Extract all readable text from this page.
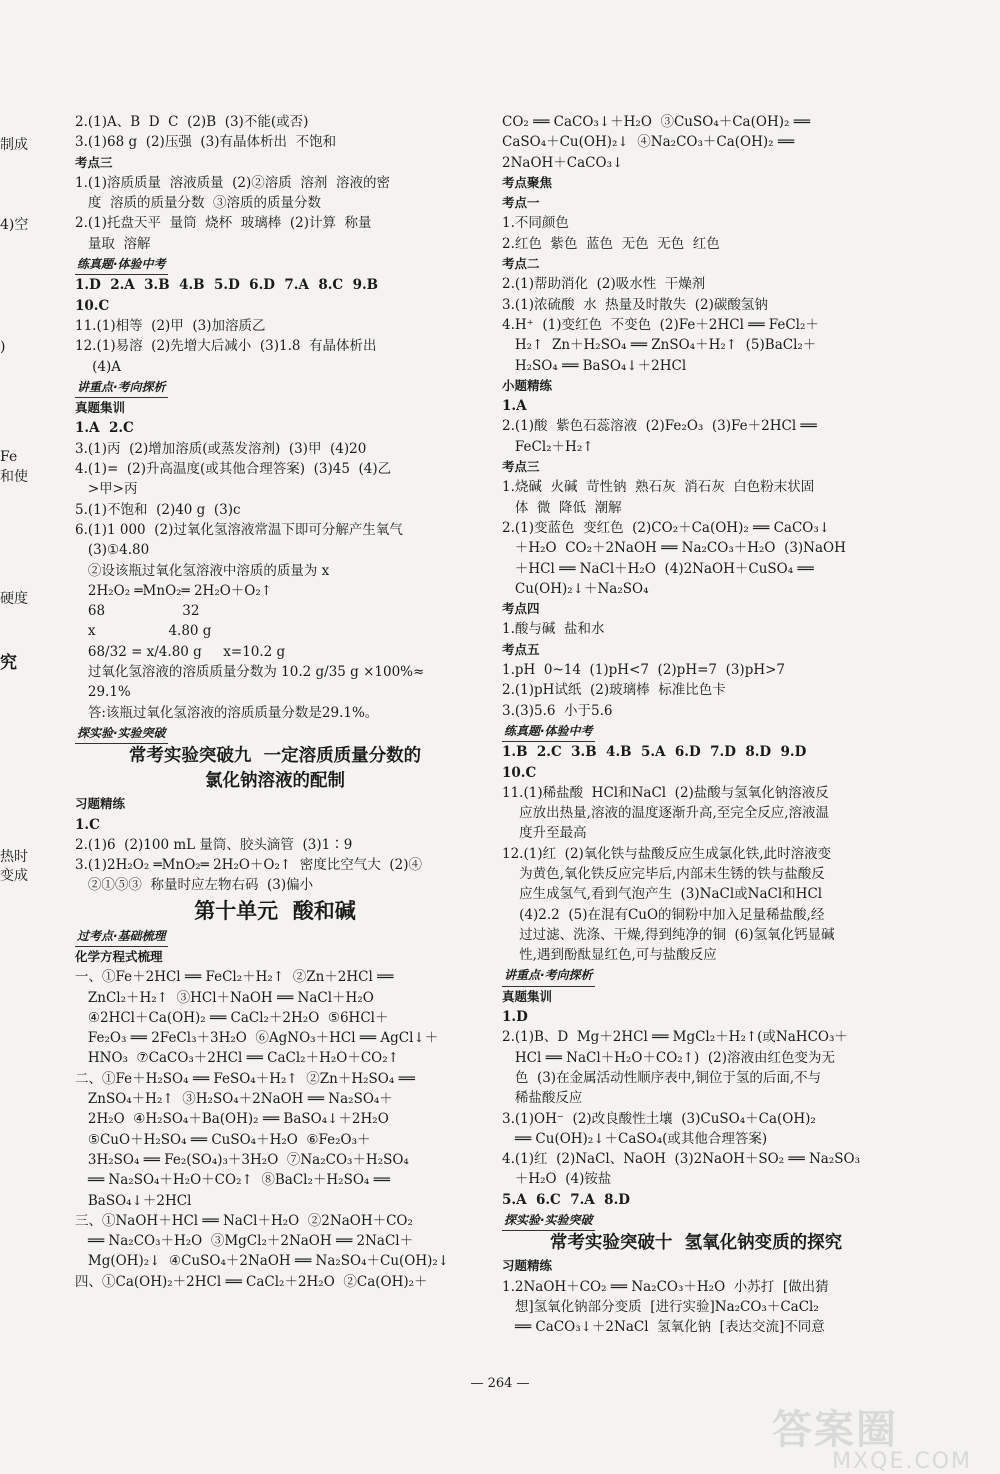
制成
4)空
)
Fe
和使
硬度
究
热时
变成
2.(1)A、B  D  C  (2)B  (3)不能(或否)
3.(1)68 g  (2)压强  (3)有晶体析出  不饱和
考点三
1.(1)溶质质量  溶液质量  (2)②溶质  溶剂  溶液的密
度  溶质的质量分数  ③溶质的质量分数
2.(1)托盘天平  量筒  烧杯  玻璃棒  (2)计算  称量
量取  溶解
练真题·体验中考
1.D  2.A  3.B  4.B  5.D  6.D  7.A  8.C  9.B
10.C
11.(1)相等  (2)甲  (3)加溶质乙
12.(1)易溶  (2)先增大后减小  (3)1.8  有晶体析出
(4)A
讲重点·考向探析
真题集训
1.A  2.C
3.(1)丙  (2)增加溶质(或蒸发溶剂)  (3)甲  (4)20
4.(1)=  (2)升高温度(或其他合理答案)  (3)45  (4)乙
>甲>丙
5.(1)不饱和  (2)40 g  (3)c
6.(1)1 000  (2)过氧化氢溶液常温下即可分解产生氧气
(3)①4.80
②设该瓶过氧化氢溶液中溶质的质量为 x
2H₂O₂ ═MnO₂═ 2H₂O＋O₂↑
68                  32
x                 4.80 g
68/32 = x/4.80 g     x=10.2 g
过氧化氢溶液的溶质质量分数为 10.2 g/35 g ×100%≈
29.1%
答:该瓶过氧化氢溶液的溶质质量分数是29.1%。
探实验·实验突破
常考实验突破九  一定溶质质量分数的
氯化钠溶液的配制
习题精练
1.C
2.(1)6  (2)100 mL 量筒、胶头滴管  (3)1∶9
3.(1)2H₂O₂ ═MnO₂═ 2H₂O＋O₂↑  密度比空气大  (2)④
②①⑤③  称量时应左物右码  (3)偏小
第十单元  酸和碱
过考点·基础梳理
化学方程式梳理
一、①Fe＋2HCl ══ FeCl₂＋H₂↑  ②Zn＋2HCl ══
ZnCl₂＋H₂↑  ③HCl＋NaOH ══ NaCl＋H₂O
④2HCl＋Ca(OH)₂ ══ CaCl₂＋2H₂O  ⑤6HCl＋
Fe₂O₃ ══ 2FeCl₃＋3H₂O  ⑥AgNO₃＋HCl ══ AgCl↓＋
HNO₃  ⑦CaCO₃＋2HCl ══ CaCl₂＋H₂O＋CO₂↑
二、①Fe＋H₂SO₄ ══ FeSO₄＋H₂↑  ②Zn＋H₂SO₄ ══
ZnSO₄＋H₂↑  ③H₂SO₄＋2NaOH ══ Na₂SO₄＋
2H₂O  ④H₂SO₄＋Ba(OH)₂ ══ BaSO₄↓＋2H₂O
⑤CuO＋H₂SO₄ ══ CuSO₄＋H₂O  ⑥Fe₂O₃＋
3H₂SO₄ ══ Fe₂(SO₄)₃＋3H₂O  ⑦Na₂CO₃＋H₂SO₄
══ Na₂SO₄＋H₂O＋CO₂↑  ⑧BaCl₂＋H₂SO₄ ══
BaSO₄↓＋2HCl
三、①NaOH＋HCl ══ NaCl＋H₂O  ②2NaOH＋CO₂
══ Na₂CO₃＋H₂O  ③MgCl₂＋2NaOH ══ 2NaCl＋
Mg(OH)₂↓  ④CuSO₄＋2NaOH ══ Na₂SO₄＋Cu(OH)₂↓
四、①Ca(OH)₂＋2HCl ══ CaCl₂＋2H₂O  ②Ca(OH)₂＋
CO₂ ══ CaCO₃↓＋H₂O  ③CuSO₄＋Ca(OH)₂ ══
CaSO₄＋Cu(OH)₂↓  ④Na₂CO₃＋Ca(OH)₂ ══
2NaOH＋CaCO₃↓
考点聚焦
考点一
1.不同颜色
2.红色  紫色  蓝色  无色  无色  红色
考点二
2.(1)帮助消化  (2)吸水性  干燥剂
3.(1)浓硫酸  水  热量及时散失  (2)碳酸氢钠
4.H⁺  (1)变红色  不变色  (2)Fe＋2HCl ══ FeCl₂＋
H₂↑  Zn＋H₂SO₄ ══ ZnSO₄＋H₂↑  (5)BaCl₂＋
H₂SO₄ ══ BaSO₄↓＋2HCl
小题精练
1.A
2.(1)酸  紫色石蕊溶液  (2)Fe₂O₃  (3)Fe＋2HCl ══
FeCl₂＋H₂↑
考点三
1.烧碱  火碱  苛性钠  熟石灰  消石灰  白色粉末状固
体  微  降低  潮解
2.(1)变蓝色  变红色  (2)CO₂＋Ca(OH)₂ ══ CaCO₃↓
＋H₂O  CO₂＋2NaOH ══ Na₂CO₃＋H₂O  (3)NaOH
＋HCl ══ NaCl＋H₂O  (4)2NaOH＋CuSO₄ ══
Cu(OH)₂↓＋Na₂SO₄
考点四
1.酸与碱  盐和水
考点五
1.pH  0~14  (1)pH<7  (2)pH=7  (3)pH>7
2.(1)pH试纸  (2)玻璃棒  标准比色卡
3.(3)5.6  小于5.6
练真题·体验中考
1.B  2.C  3.B  4.B  5.A  6.D  7.D  8.D  9.D
10.C
11.(1)稀盐酸  HCl和NaCl  (2)盐酸与氢氧化钠溶液反
应放出热量,溶液的温度逐渐升高,至完全反应,溶液温
度升至最高
12.(1)红  (2)氧化铁与盐酸反应生成氯化铁,此时溶液变
为黄色,氧化铁反应完毕后,内部未生锈的铁与盐酸反
应生成氢气,看到气泡产生  (3)NaCl或NaCl和HCl
(4)2.2  (5)在混有CuO的铜粉中加入足量稀盐酸,经
过过滤、洗涤、干燥,得到纯净的铜  (6)氢氧化钙显碱
性,遇到酚酞显红色,可与盐酸反应
讲重点·考向探析
真题集训
1.D
2.(1)B、D  Mg＋2HCl ══ MgCl₂＋H₂↑(或NaHCO₃＋
HCl ══ NaCl＋H₂O＋CO₂↑)  (2)溶液由红色变为无
色  (3)在金属活动性顺序表中,铜位于氢的后面,不与
稀盐酸反应
3.(1)OH⁻  (2)改良酸性土壤  (3)CuSO₄＋Ca(OH)₂
══ Cu(OH)₂↓＋CaSO₄(或其他合理答案)
4.(1)红  (2)NaCl、NaOH  (3)2NaOH＋SO₂ ══ Na₂SO₃
＋H₂O  (4)铵盐
5.A  6.C  7.A  8.D
探实验·实验突破
常考实验突破十  氢氧化钠变质的探究
习题精练
1.2NaOH＋CO₂ ══ Na₂CO₃＋H₂O  小苏打  [做出猜
想]氢氧化钠部分变质  [进行实验]Na₂CO₃＋CaCl₂
══ CaCO₃↓＋2NaCl  氢氧化钠  [表达交流]不同意
— 264 —
答案圈
MXQE.COM
